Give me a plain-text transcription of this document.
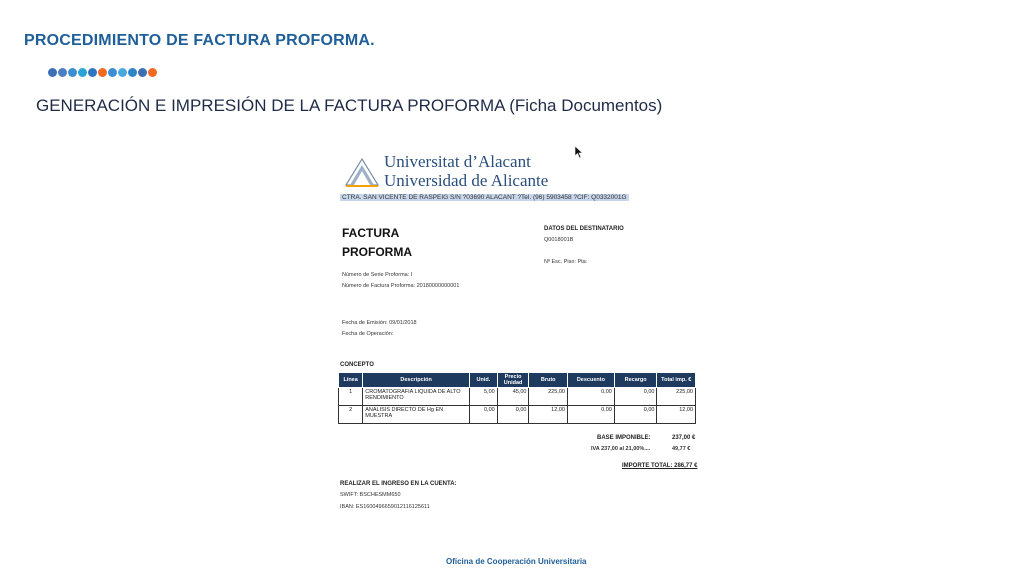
PROCEDIMIENTO DE FACTURA PROFORMA.
GENERACIÓN E IMPRESIÓN DE LA FACTURA PROFORMA (Ficha Documentos)
Universitat d’Alacant
Universidad de Alicante
CTRA. SAN VICENTE DE RASPEIG S/N ?03690 ALACANT ?Tel. (96) 5903458 ?CIF: Q0332001G
FACTURA
PROFORMA
DATOS DEL DESTINATARIO
Q0018001B
Nº Esc. Piso: Pta:
Número de Serie Proforma: I
Número de Factura Proforma: 20180000000001
Fecha de Emisión: 09/01/2018
Fecha de Operación:
CONCEPTO
Línea	Descripción	Unid.	Precio Unidad	Bruto	Descuento	Recargo	Total imp. €
1	CROMATOGRAFIA LIQUIDA DE ALTO RENDIMIENTO	5,00	45,00	225,00	0,00	0,00	225,00
2	ANALISIS DIRECTO DE Hg EN MUESTRA	0,00	0,00	12,00	0,00	0,00	12,00
BASE IMPONIBLE:	237,00 €
IVA 237,00 al 21,00%....	49,77 €
IMPORTE TOTAL: 286,77 €
REALIZAR EL INGRESO EN LA CUENTA:
SWIFT: BSCHESMM650
IBAN: ES1600496659012116125611
Oficina de Cooperación Universitaria
